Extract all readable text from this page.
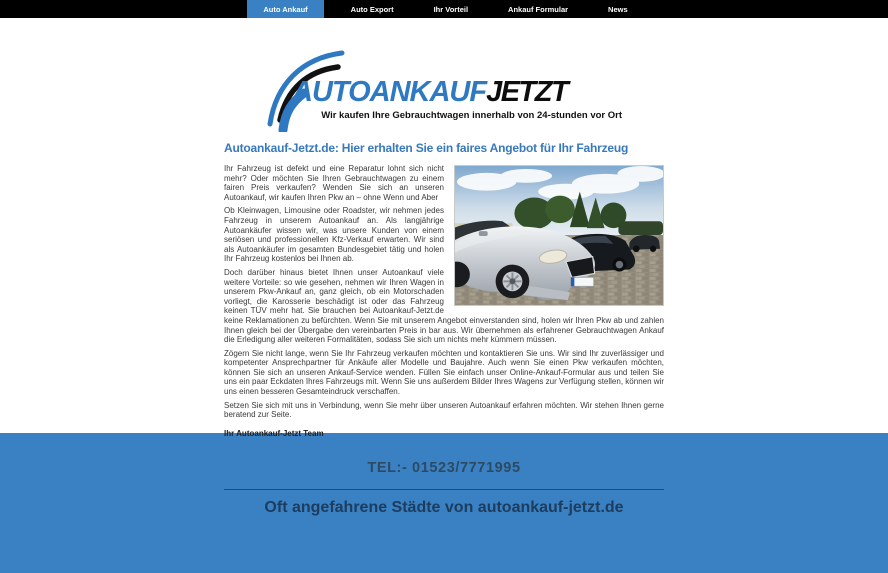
Auto Ankauf	Auto Export	Ihr Vorteil	Ankauf Formular	News
AUTOANKAUFJETZT
Wir kaufen Ihre Gebrauchtwagen innerhalb von 24-stunden vor Ort
Autoankauf-Jetzt.de: Hier erhalten Sie ein faires Angebot für Ihr Fahrzeug

Ihr Fahrzeug ist defekt und eine Reparatur lohnt sich nicht mehr? Oder möchten Sie Ihren Gebrauchtwagen zu einem fairen Preis verkaufen? Wenden Sie sich an unseren Autoankauf, wir kaufen Ihren Pkw an – ohne Wenn und Aber

Ob Kleinwagen, Limousine oder Roadster, wir nehmen jedes Fahrzeug in unserem Autoankauf an. Als langjährige Autoankäufer wissen wir, was unsere Kunden von einem seriösen und professionellen Kfz-Verkauf erwarten. Wir sind als Autoankäufer im gesamten Bundesgebiet tätig und holen Ihr Fahrzeug kostenlos bei Ihnen ab.

Doch darüber hinaus bietet Ihnen unser Autoankauf viele weitere Vorteile: so wie gesehen, nehmen wir Ihren Wagen in unserem Pkw-Ankauf an, ganz gleich, ob ein Motorschaden vorliegt, die Karosserie beschädigt ist oder das Fahrzeug keinen TÜV mehr hat. Sie brauchen bei Autoankauf-Jetzt.de keine Reklamationen zu befürchten. Wenn Sie mit unserem Angebot einverstanden sind, holen wir Ihren Pkw ab und zahlen Ihnen gleich bei der Übergabe den vereinbarten Preis in bar aus. Wir übernehmen als erfahrener Gebrauchtwagen Ankauf die Erledigung aller weiteren Formalitäten, sodass Sie sich um nichts mehr kümmern müssen.

Zögern Sie nicht lange, wenn Sie Ihr Fahrzeug verkaufen möchten und kontaktieren Sie uns. Wir sind Ihr zuverlässiger und kompetenter Ansprechpartner für Ankäufe aller Modelle und Baujahre. Auch wenn Sie einen Pkw verkaufen möchten, können Sie sich an unseren Ankauf-Service wenden. Füllen Sie einfach unser Online-Ankauf-Formular aus und teilen Sie uns ein paar Eckdaten Ihres Fahrzeugs mit. Wenn Sie uns außerdem Bilder Ihres Wagens zur Verfügung stellen, können wir uns einen besseren Gesamteindruck verschaffen.

Setzen Sie sich mit uns in Verbindung, wenn Sie mehr über unseren Autoankauf erfahren möchten. Wir stehen Ihnen gerne beratend zur Seite.

Ihr Autoankauf-Jetzt Team

TEL:- 01523/7771995

Oft angefahrene Städte von autoankauf-jetzt.de
